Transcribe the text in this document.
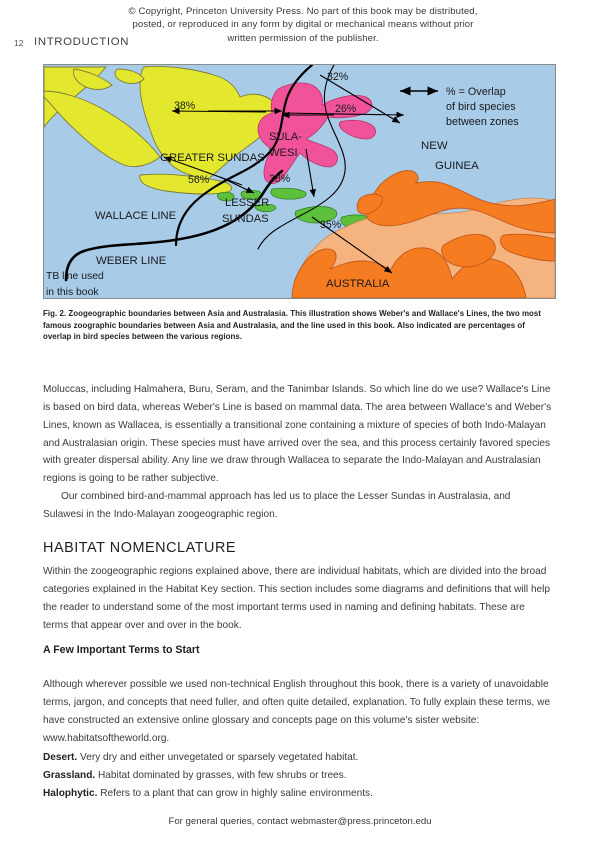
© Copyright, Princeton University Press. No part of this book may be distributed, posted, or reproduced in any form by digital or mechanical means without prior written permission of the publisher.
12 INTRODUCTION
GREATER SUNDAS
SULA-
WESI
LESSER
SUNDAS
NEW
GUINEA
AUSTRALIA
WALLACE LINE
WEBER LINE
TB line used
in this book
38%
56%
26%
32%
38%
35%
% = Overlap
of bird species
between zones
Fig. 2. Zoogeographic boundaries between Asia and Australasia. This illustration shows Weber's and Wallace's Lines, the two most famous zoographic boundaries between Asia and Australasia, and the line used in this book. Also indicated are percentages of overlap in bird species between the various regions.

Moluccas, including Halmahera, Buru, Seram, and the Tanimbar Islands. So which line do we use? Wallace's Line is based on bird data, whereas Weber's Line is based on mammal data. The area between Wallace's and Weber's Lines, known as Wallacea, is essentially a transitional zone containing a mixture of species of both Indo-Malayan and Australasian origin. These species must have arrived over the sea, and this process certainly favored species with greater dispersal ability. Any line we draw through Wallacea to separate the Indo-Malayan and Australasian regions is going to be rather subjective.

Our combined bird-and-mammal approach has led us to place the Lesser Sundas in Australasia, and Sulawesi in the Indo-Malayan zoogeographic region.

HABITAT NOMENCLATURE

Within the zoogeographic regions explained above, there are individual habitats, which are divided into the broad categories explained in the Habitat Key section. This section includes some diagrams and definitions that will help the reader to understand some of the most important terms used in naming and defining habitats. These are terms that appear over and over in the book.

A Few Important Terms to Start

Although wherever possible we used non-technical English throughout this book, there is a variety of unavoidable terms, jargon, and concepts that need fuller, and often quite detailed, explanation. To fully explain these terms, we have constructed an extensive online glossary and concepts page on this volume's sister website: www.habitatsoftheworld.org.

Desert. Very dry and either unvegetated or sparsely vegetated habitat.
Grassland. Habitat dominated by grasses, with few shrubs or trees.
Halophytic. Refers to a plant that can grow in highly saline environments.
For general queries, contact webmaster@press.princeton.edu
